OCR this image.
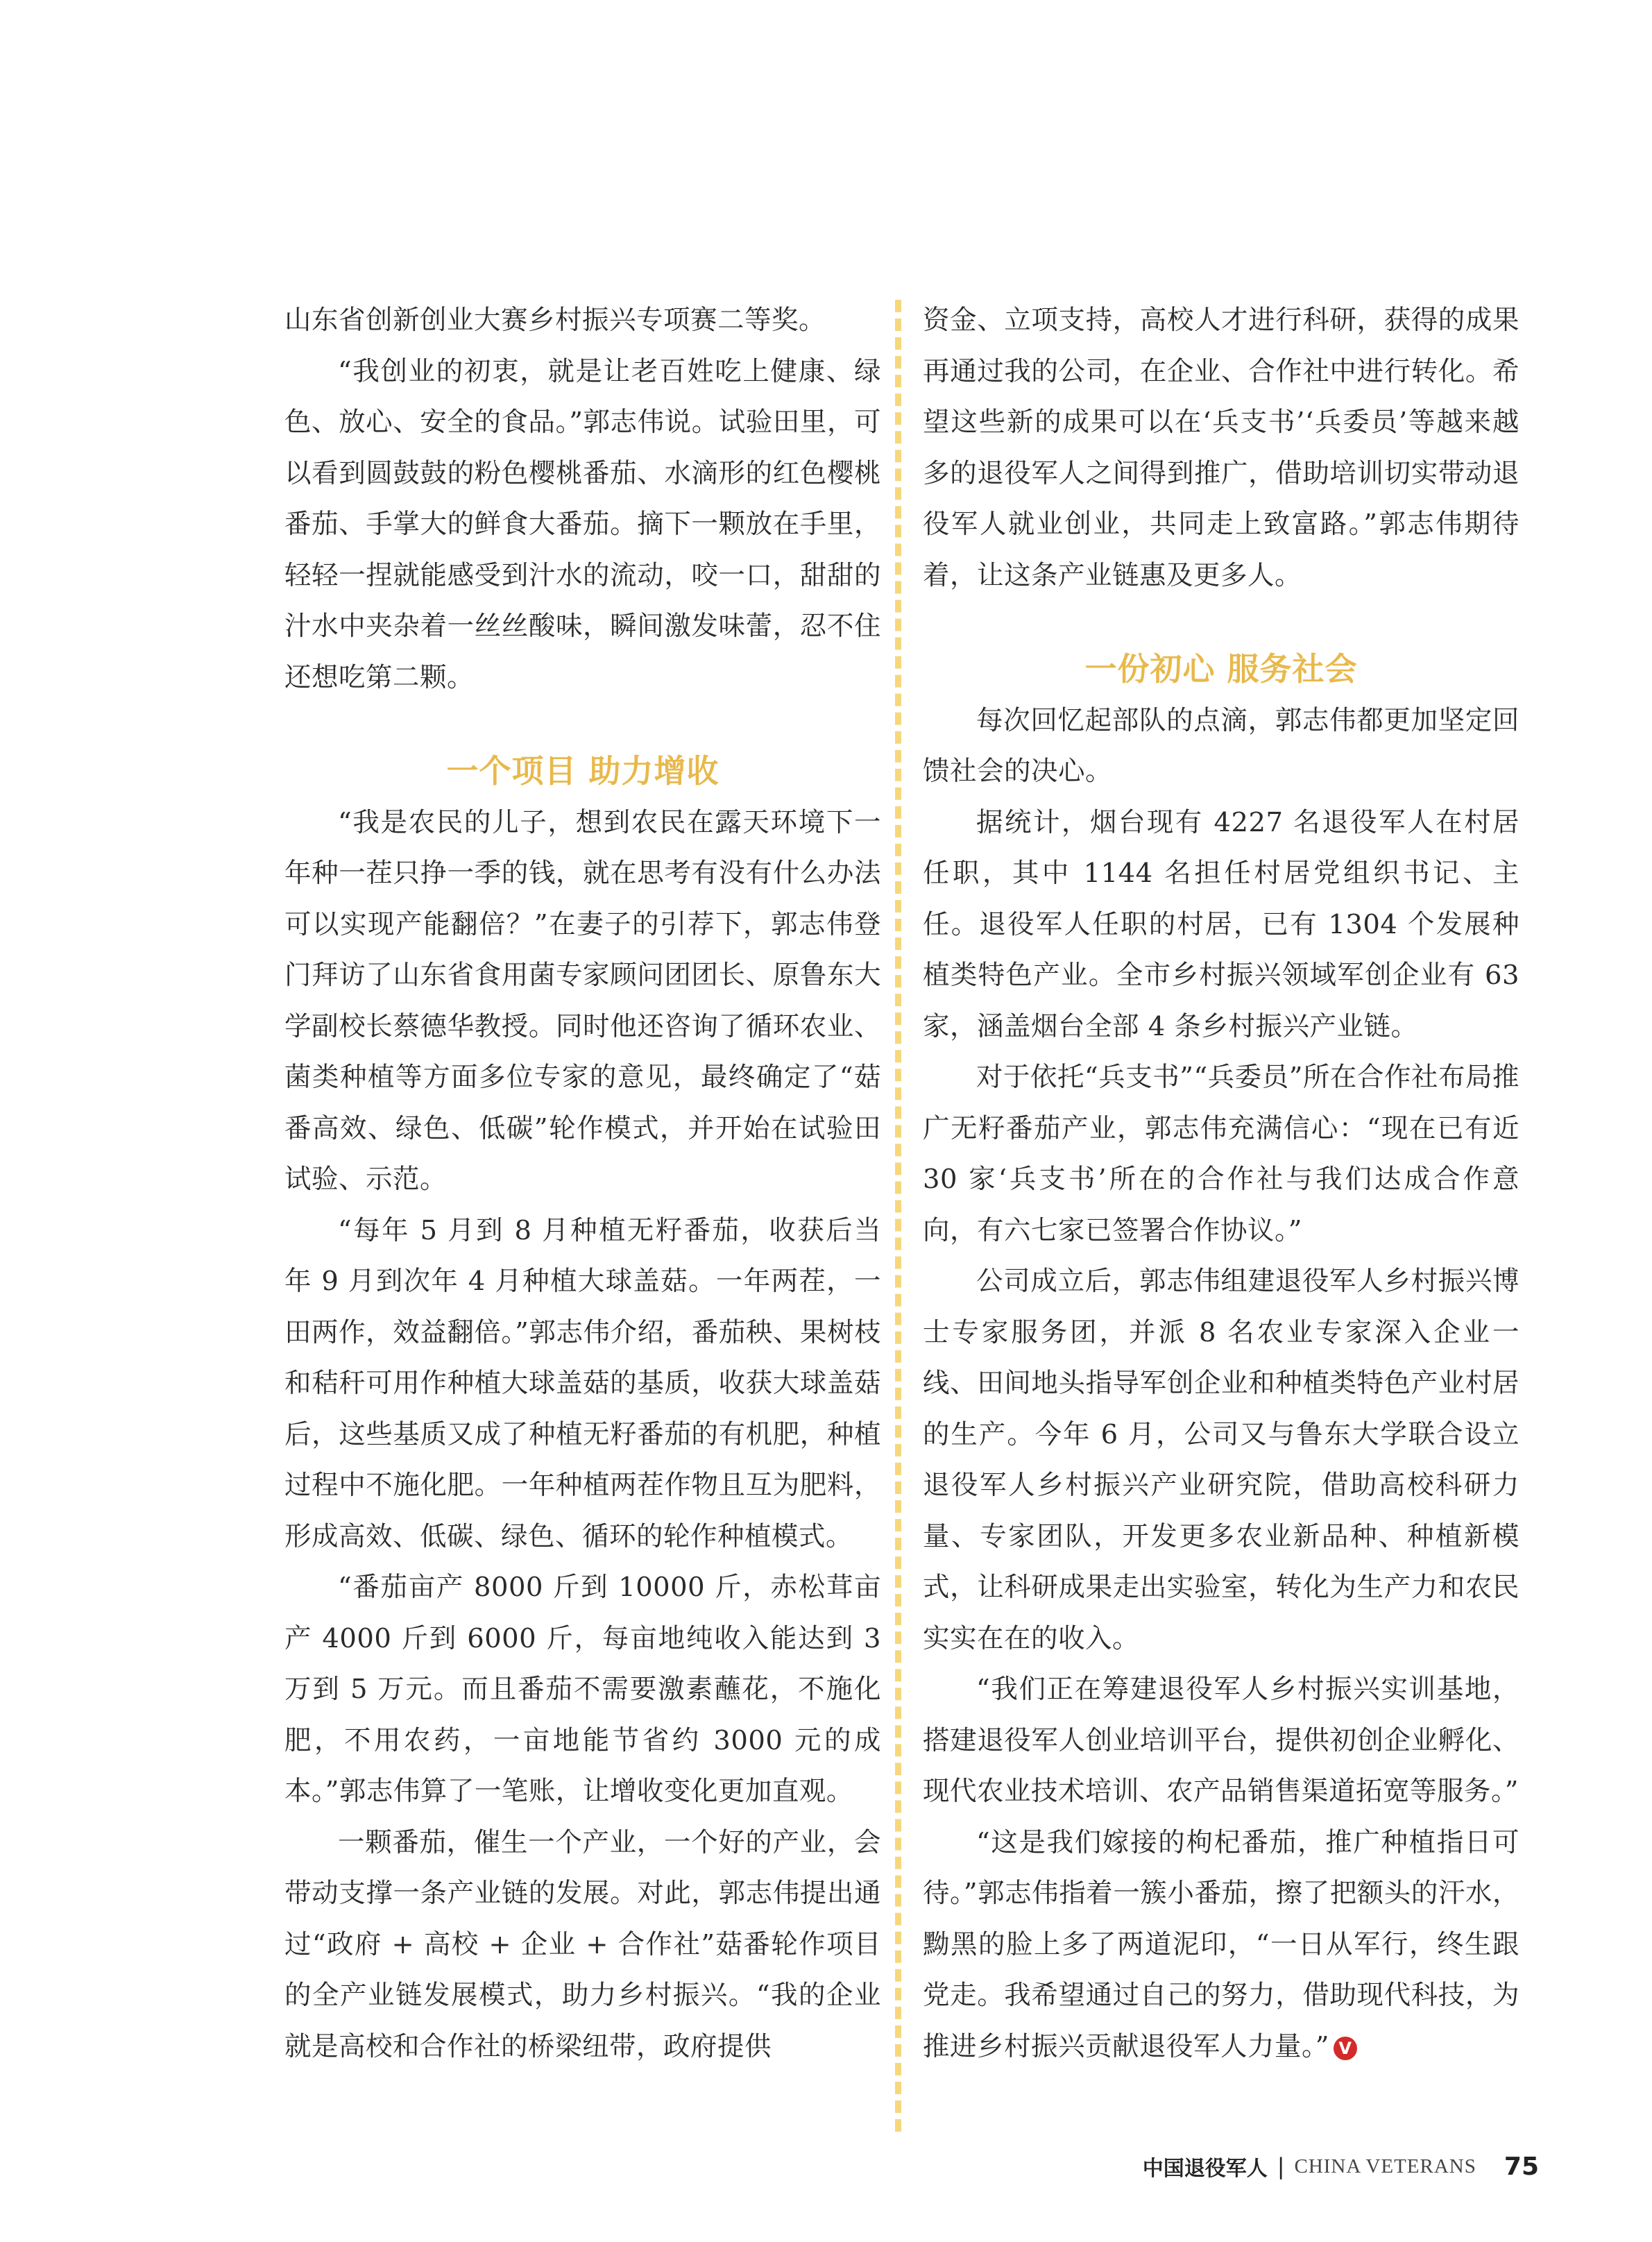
山东省创新创业大赛乡村振兴专项赛二等奖。

“我创业的初衷，就是让老百姓吃上健康、绿色、放心、安全的食品。”郭志伟说。试验田里，可以看到圆鼓鼓的粉色樱桃番茄、水滴形的红色樱桃番茄、手掌大的鲜食大番茄。摘下一颗放在手里，轻轻一捏就能感受到汁水的流动，咬一口，甜甜的汁水中夹杂着一丝丝酸味，瞬间激发味蕾，忍不住还想吃第二颗。

一个项目 助力增收

“我是农民的儿子，想到农民在露天环境下一年种一茬只挣一季的钱，就在思考有没有什么办法可以实现产能翻倍？”在妻子的引荐下，郭志伟登门拜访了山东省食用菌专家顾问团团长、原鲁东大学副校长蔡德华教授。同时他还咨询了循环农业、菌类种植等方面多位专家的意见，最终确定了“菇番高效、绿色、低碳”轮作模式，并开始在试验田试验、示范。

“每年 5 月到 8 月种植无籽番茄，收获后当年 9 月到次年 4 月种植大球盖菇。一年两茬，一田两作，效益翻倍。”郭志伟介绍，番茄秧、果树枝和秸秆可用作种植大球盖菇的基质，收获大球盖菇后，这些基质又成了种植无籽番茄的有机肥，种植过程中不施化肥。一年种植两茬作物且互为肥料，形成高效、低碳、绿色、循环的轮作种植模式。

“番茄亩产 8000 斤到 10000 斤，赤松茸亩产 4000 斤到 6000 斤，每亩地纯收入能达到 3 万到 5 万元。而且番茄不需要激素蘸花，不施化肥，不用农药，一亩地能节省约 3000 元的成本。”郭志伟算了一笔账，让增收变化更加直观。

一颗番茄，催生一个产业，一个好的产业，会带动支撑一条产业链的发展。对此，郭志伟提出通过“政府 + 高校 + 企业 + 合作社”菇番轮作项目的全产业链发展模式，助力乡村振兴。“我的企业就是高校和合作社的桥梁纽带，政府提供

资金、立项支持，高校人才进行科研，获得的成果再通过我的公司，在企业、合作社中进行转化。希望这些新的成果可以在‘兵支书’‘兵委员’等越来越多的退役军人之间得到推广，借助培训切实带动退役军人就业创业，共同走上致富路。”郭志伟期待着，让这条产业链惠及更多人。

一份初心 服务社会

每次回忆起部队的点滴，郭志伟都更加坚定回馈社会的决心。

据统计，烟台现有 4227 名退役军人在村居任职，其中 1144 名担任村居党组织书记、主任。退役军人任职的村居，已有 1304 个发展种植类特色产业。全市乡村振兴领域军创企业有 63 家，涵盖烟台全部 4 条乡村振兴产业链。

对于依托“兵支书”“兵委员”所在合作社布局推广无籽番茄产业，郭志伟充满信心：“现在已有近 30 家‘兵支书’所在的合作社与我们达成合作意向，有六七家已签署合作协议。”

公司成立后，郭志伟组建退役军人乡村振兴博士专家服务团，并派 8 名农业专家深入企业一线、田间地头指导军创企业和种植类特色产业村居的生产。今年 6 月，公司又与鲁东大学联合设立退役军人乡村振兴产业研究院，借助高校科研力量、专家团队，开发更多农业新品种、种植新模式，让科研成果走出实验室，转化为生产力和农民实实在在的收入。

“我们正在筹建退役军人乡村振兴实训基地，搭建退役军人创业培训平台，提供初创企业孵化、现代农业技术培训、农产品销售渠道拓宽等服务。”

“这是我们嫁接的枸杞番茄，推广种植指日可待。”郭志伟指着一簇小番茄，擦了把额头的汗水，黝黑的脸上多了两道泥印，“一日从军行，终生跟党走。我希望通过自己的努力，借助现代科技，为推进乡村振兴贡献退役军人力量。” V

中国退役军人 | CHINA VETERANS 75
